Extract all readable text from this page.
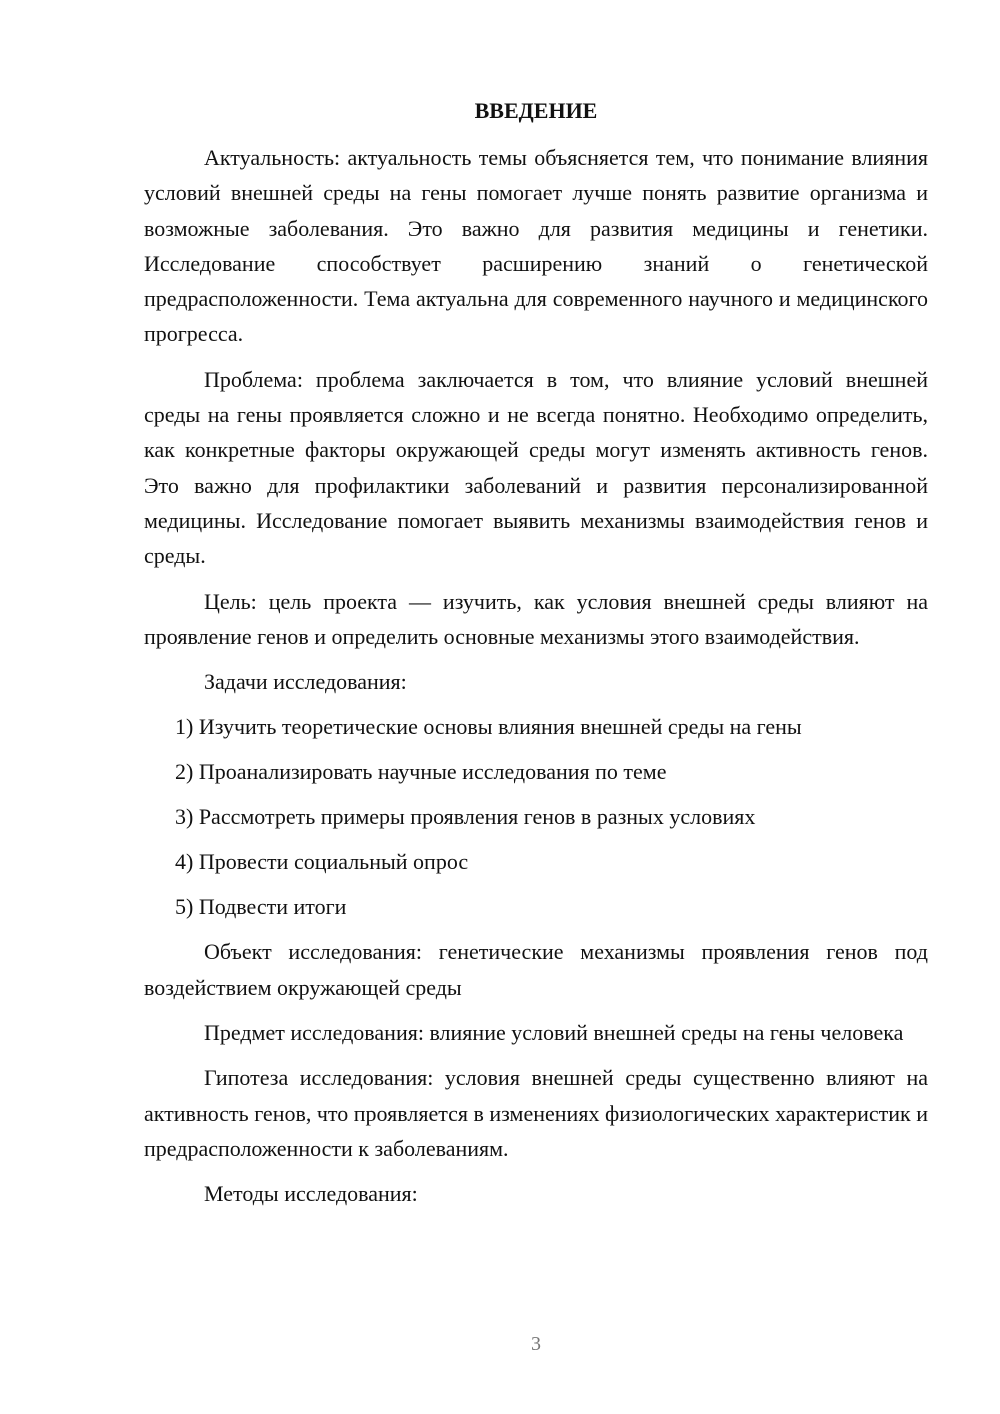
ВВЕДЕНИЕ

Актуальность: актуальность темы объясняется тем, что понимание влияния условий внешней среды на гены помогает лучше понять развитие организма и возможные заболевания. Это важно для развития медицины и генетики. Исследование способствует расширению знаний о генетической предрасположенности. Тема актуальна для современного научного и медицинского прогресса.

Проблема: проблема заключается в том, что влияние условий внешней среды на гены проявляется сложно и не всегда понятно. Необходимо определить, как конкретные факторы окружающей среды могут изменять активность генов. Это важно для профилактики заболеваний и развития персонализированной медицины. Исследование помогает выявить механизмы взаимодействия генов и среды.

Цель: цель проекта — изучить, как условия внешней среды влияют на проявление генов и определить основные механизмы этого взаимодействия.

Задачи исследования:

1) Изучить теоретические основы влияния внешней среды на гены

2) Проанализировать научные исследования по теме

3) Рассмотреть примеры проявления генов в разных условиях

4) Провести социальный опрос

5) Подвести итоги

Объект исследования: генетические механизмы проявления генов под воздействием окружающей среды

Предмет исследования: влияние условий внешней среды на гены человека

Гипотеза исследования: условия внешней среды существенно влияют на активность генов, что проявляется в изменениях физиологических характеристик и предрасположенности к заболеваниям.

Методы исследования:

3
